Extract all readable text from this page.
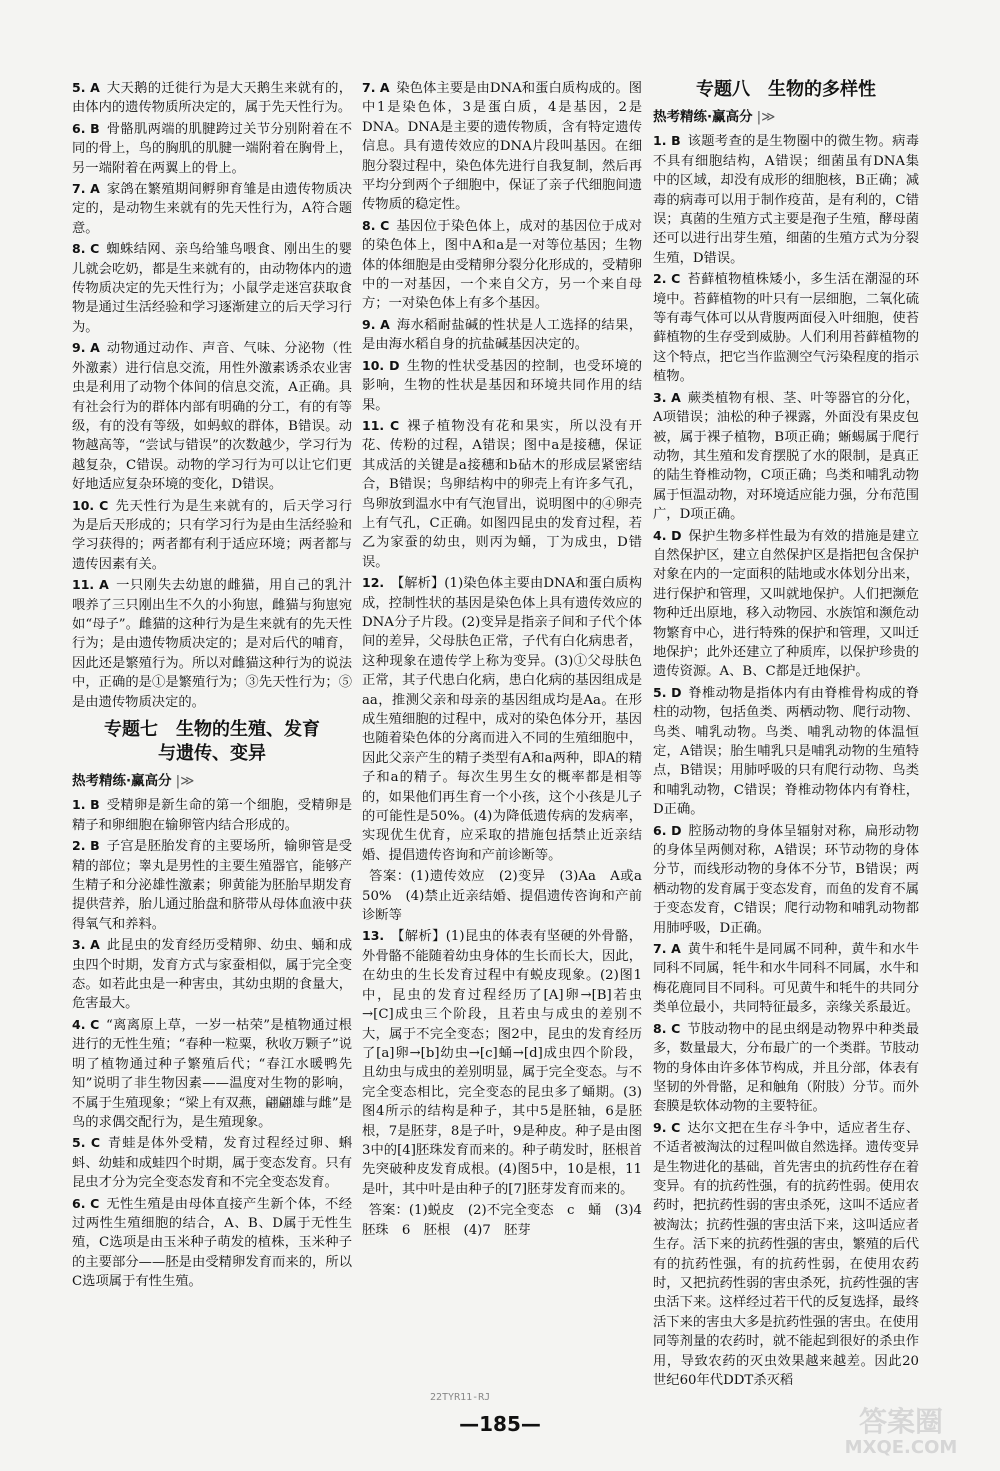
5. A  大天鹅的迁徙行为是大天鹅生来就有的，由体内的遗传物质所决定的，属于先天性行为。
6. B  骨骼肌两端的肌腱跨过关节分别附着在不同的骨上，鸟的胸肌的肌腱一端附着在胸骨上，另一端附着在两翼上的骨上。
7. A  家鸽在繁殖期间孵卵育雏是由遗传物质决定的，是动物生来就有的先天性行为，A符合题意。
8. C  蜘蛛结网、亲鸟给雏鸟喂食、刚出生的婴儿就会吃奶，都是生来就有的，由动物体内的遗传物质决定的先天性行为；小鼠学走迷宫获取食物是通过生活经验和学习逐渐建立的后天学习行为。
9. A  动物通过动作、声音、气味、分泌物（性外激素）进行信息交流，用性外激素诱杀农业害虫是利用了动物个体间的信息交流，A正确。具有社会行为的群体内部有明确的分工，有的有等级，有的没有等级，如蚂蚁的群体，B错误。动物越高等，“尝试与错误”的次数越少，学习行为越复杂，C错误。动物的学习行为可以让它们更好地适应复杂环境的变化，D错误。
10. C  先天性行为是生来就有的，后天学习行为是后天形成的；只有学习行为是由生活经验和学习获得的；两者都有利于适应环境；两者都与遗传因素有关。
11. A  一只刚失去幼崽的雌猫，用自己的乳汁喂养了三只刚出生不久的小狗崽，雌猫与狗崽宛如“母子”。雌猫的这种行为是生来就有的先天性行为；是由遗传物质决定的；是对后代的哺育，因此还是繁殖行为。所以对雌猫这种行为的说法中，正确的是①是繁殖行为；③先天性行为；⑤是由遗传物质决定的。
专题七　生物的生殖、发育
与遗传、变异
热考精练·赢高分 |≫
1. B  受精卵是新生命的第一个细胞，受精卵是精子和卵细胞在输卵管内结合形成的。
2. B  子宫是胚胎发育的主要场所，输卵管是受精的部位；睾丸是男性的主要生殖器官，能够产生精子和分泌雄性激素；卵黄能为胚胎早期发育提供营养，胎儿通过胎盘和脐带从母体血液中获得氧气和养料。
3. A  此昆虫的发育经历受精卵、幼虫、蛹和成虫四个时期，发育方式与家蚕相似，属于完全变态。如若此虫是一种害虫，其幼虫期的食量大，危害最大。
4. C  “离离原上草，一岁一枯荣”是植物通过根进行的无性生殖；“春种一粒粟，秋收万颗子”说明了植物通过种子繁殖后代；“春江水暖鸭先知”说明了非生物因素——温度对生物的影响，不属于生殖现象；“梁上有双燕，翩翩雄与雌”是鸟的求偶交配行为，是生殖现象。
5. C  青蛙是体外受精，发育过程经过卵、蝌蚪、幼蛙和成蛙四个时期，属于变态发育。只有昆虫才分为完全变态发育和不完全变态发育。
6. C  无性生殖是由母体直接产生新个体，不经过两性生殖细胞的结合，A、B、D属于无性生殖，C选项是由玉米种子萌发的植株，玉米种子的主要部分——胚是由受精卵发育而来的，所以C选项属于有性生殖。
7. A  染色体主要是由DNA和蛋白质构成的。图中1是染色体，3是蛋白质，4是基因，2是DNA。DNA是主要的遗传物质，含有特定遗传信息。具有遗传效应的DNA片段叫基因。在细胞分裂过程中，染色体先进行自我复制，然后再平均分到两个子细胞中，保证了亲子代细胞间遗传物质的稳定性。
8. C  基因位于染色体上，成对的基因位于成对的染色体上，图中A和a是一对等位基因；生物体的体细胞是由受精卵分裂分化形成的，受精卵中的一对基因，一个来自父方，另一个来自母方；一对染色体上有多个基因。
9. A  海水稻耐盐碱的性状是人工选择的结果，是由海水稻自身的抗盐碱基因决定的。
10. D  生物的性状受基因的控制，也受环境的影响，生物的性状是基因和环境共同作用的结果。
11. C  裸子植物没有花和果实，所以没有开花、传粉的过程，A错误；图中a是接穗，保证其成活的关键是a接穗和b砧木的形成层紧密结合，B错误；鸟卵结构中的卵壳上有许多气孔，鸟卵放到温水中有气泡冒出，说明图中的④卵壳上有气孔，C正确。如图四昆虫的发育过程，若乙为家蚕的幼虫，则丙为蛹，丁为成虫，D错误。
12.  【解析】(1)染色体主要由DNA和蛋白质构成，控制性状的基因是染色体上具有遗传效应的DNA分子片段。(2)变异是指亲子间和子代个体间的差异，父母肤色正常，子代有白化病患者，这种现象在遗传学上称为变异。(3)①父母肤色正常，其子代患白化病，患白化病的基因组成是aa，推测父亲和母亲的基因组成均是Aa。在形成生殖细胞的过程中，成对的染色体分开，基因也随着染色体的分离而进入不同的生殖细胞中，因此父亲产生的精子类型有A和a两种，即A的精子和a的精子。每次生男生女的概率都是相等的，如果他们再生育一个小孩，这个小孩是儿子的可能性是50%。(4)为降低遗传病的发病率，实现优生优育，应采取的措施包括禁止近亲结婚、提倡遗传咨询和产前诊断等。
 答案：(1)遗传效应　(2)变异　(3)Aa　A或a　50%　(4)禁止近亲结婚、提倡遗传咨询和产前诊断等
13.  【解析】(1)昆虫的体表有坚硬的外骨骼，外骨骼不能随着幼虫身体的生长而长大，因此，在幼虫的生长发育过程中有蜕皮现象。(2)图1中，昆虫的发育过程经历了[A]卵→[B]若虫→[C]成虫三个阶段，且若虫与成虫的差别不大，属于不完全变态；图2中，昆虫的发育经历了[a]卵→[b]幼虫→[c]蛹→[d]成虫四个阶段，且幼虫与成虫的差别明显，属于完全变态。与不完全变态相比，完全变态的昆虫多了蛹期。(3)图4所示的结构是种子，其中5是胚轴，6是胚根，7是胚芽，8是子叶，9是种皮。种子是由图3中的[4]胚珠发育而来的。种子萌发时，胚根首先突破种皮发育成根。(4)图5中，10是根，11是叶，其中叶是由种子的[7]胚芽发育而来的。
 答案：(1)蜕皮　(2)不完全变态　c　蛹　(3)4　胚珠　6　胚根　(4)7　胚芽
专题八　生物的多样性
热考精练·赢高分 |≫
1. B  该题考查的是生物圈中的微生物。病毒不具有细胞结构，A错误；细菌虽有DNA集中的区域，却没有成形的细胞核，B正确；减毒的病毒可以用于制作疫苗，是有利的，C错误；真菌的生殖方式主要是孢子生殖，酵母菌还可以进行出芽生殖，细菌的生殖方式为分裂生殖，D错误。
2. C  苔藓植物植株矮小，多生活在潮湿的环境中。苔藓植物的叶只有一层细胞，二氧化硫等有毒气体可以从背腹两面侵入叶细胞，使苔藓植物的生存受到威胁。人们利用苔藓植物的这个特点，把它当作监测空气污染程度的指示植物。
3. A  蕨类植物有根、茎、叶等器官的分化，A项错误；油松的种子裸露，外面没有果皮包被，属于裸子植物，B项正确；蜥蜴属于爬行动物，其生殖和发育摆脱了水的限制，是真正的陆生脊椎动物，C项正确；鸟类和哺乳动物属于恒温动物，对环境适应能力强，分布范围广，D项正确。
4. D  保护生物多样性最为有效的措施是建立自然保护区，建立自然保护区是指把包含保护对象在内的一定面积的陆地或水体划分出来，进行保护和管理，又叫就地保护。人们把濒危物种迁出原地，移入动物园、水族馆和濒危动物繁育中心，进行特殊的保护和管理，又叫迁地保护；此外还建立了种质库，以保护珍贵的遗传资源。A、B、C都是迁地保护。
5. D  脊椎动物是指体内有由脊椎骨构成的脊柱的动物，包括鱼类、两栖动物、爬行动物、鸟类、哺乳动物。鸟类、哺乳动物的体温恒定，A错误；胎生哺乳只是哺乳动物的生殖特点，B错误；用肺呼吸的只有爬行动物、鸟类和哺乳动物，C错误；脊椎动物体内有脊柱，D正确。
6. D  腔肠动物的身体呈辐射对称，扁形动物的身体呈两侧对称，A错误；环节动物的身体分节，而线形动物的身体不分节，B错误；两栖动物的发育属于变态发育，而鱼的发育不属于变态发育，C错误；爬行动物和哺乳动物都用肺呼吸，D正确。
7. A  黄牛和牦牛是同属不同种，黄牛和水牛同科不同属，牦牛和水牛同科不同属，水牛和梅花鹿同目不同科。可见黄牛和牦牛的共同分类单位最小，共同特征最多，亲缘关系最近。
8. C  节肢动物中的昆虫纲是动物界中种类最多，数量最大，分布最广的一个类群。节肢动物的身体由许多体节构成，并且分部，体表有坚韧的外骨骼，足和触角（附肢）分节。而外套膜是软体动物的主要特征。
9. C  达尔文把在生存斗争中，适应者生存、不适者被淘汰的过程叫做自然选择。遗传变异是生物进化的基础，首先害虫的抗药性存在着变异。有的抗药性强，有的抗药性弱。使用农药时，把抗药性弱的害虫杀死，这叫不适应者被淘汰；抗药性强的害虫活下来，这叫适应者生存。活下来的抗药性强的害虫，繁殖的后代有的抗药性强，有的抗药性弱，在使用农药时，又把抗药性弱的害虫杀死，抗药性强的害虫活下来。这样经过若干代的反复选择，最终活下来的害虫大多是抗药性强的害虫。在使用同等剂量的农药时，就不能起到很好的杀虫作用，导致农药的灭虫效果越来越差。因此20世纪60年代DDT杀灭稻
22TYR11-RJ
—185—	答案圈
MXQE.COM
